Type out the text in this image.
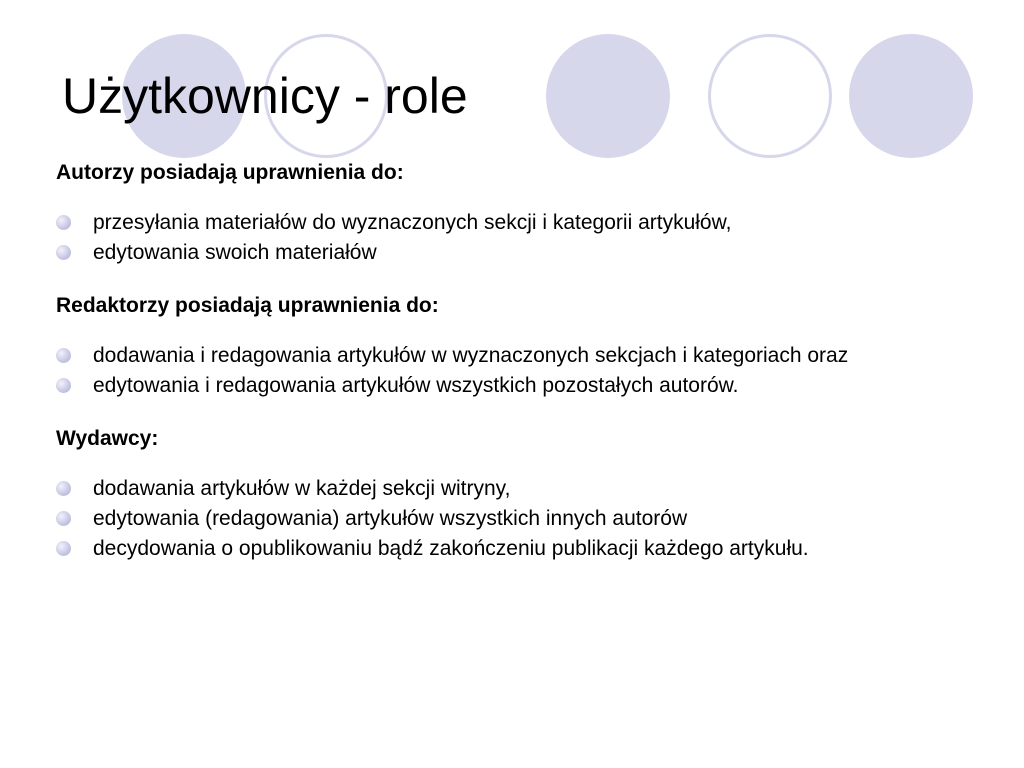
Użytkownicy - role

Autorzy posiadają uprawnienia do:

przesyłania materiałów do wyznaczonych sekcji i kategorii artykułów,
edytowania swoich materiałów

Redaktorzy posiadają uprawnienia do:

dodawania i redagowania artykułów w wyznaczonych sekcjach i kategoriach oraz
edytowania i redagowania artykułów wszystkich pozostałych autorów.

Wydawcy:

dodawania artykułów w każdej sekcji witryny,
edytowania (redagowania) artykułów wszystkich innych autorów
decydowania o opublikowaniu bądź zakończeniu publikacji każdego artykułu.
